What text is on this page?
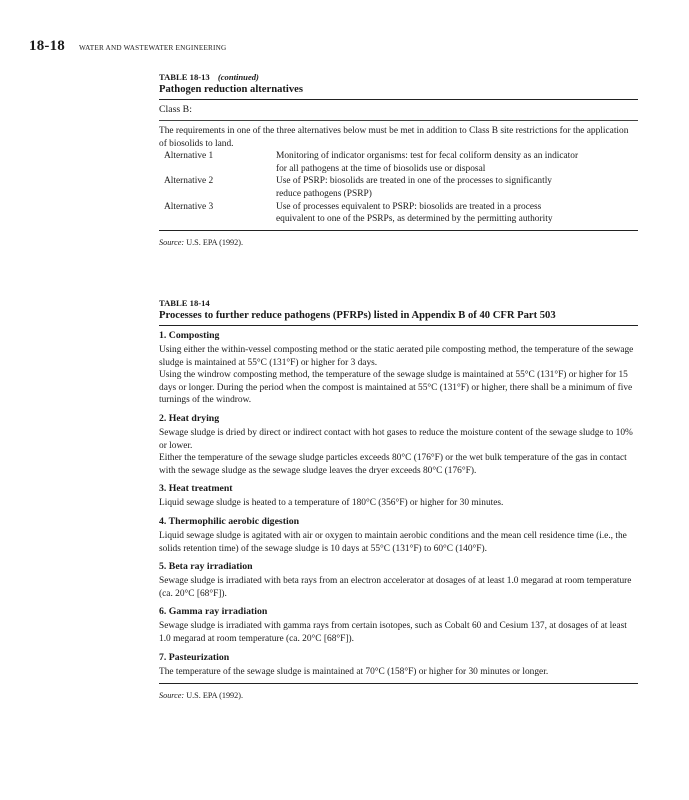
18-18 WATER AND WASTEWATER ENGINEERING
TABLE 18-13 (continued)
Pathogen reduction alternatives
Class B:
The requirements in one of the three alternatives below must be met in addition to Class B site restrictions for the application of biosolids to land.
Alternative 1	Monitoring of indicator organisms: test for fecal coliform density as an indicator
for all pathogens at the time of biosolids use or disposal
Alternative 2	Use of PSRP: biosolids are treated in one of the processes to significantly
reduce pathogens (PSRP)
Alternative 3	Use of processes equivalent to PSRP: biosolids are treated in a process
equivalent to one of the PSRPs, as determined by the permitting authority
Source: U.S. EPA (1992).
TABLE 18-14
Processes to further reduce pathogens (PFRPs) listed in Appendix B of 40 CFR Part 503
1. Composting

Using either the within-vessel composting method or the static aerated pile composting method, the temperature of the sewage sludge is maintained at 55°C (131°F) or higher for 3 days.

Using the windrow composting method, the temperature of the sewage sludge is maintained at 55°C (131°F) or higher for 15 days or longer. During the period when the compost is maintained at 55°C (131°F) or higher, there shall be a minimum of five turnings of the windrow.

2. Heat drying

Sewage sludge is dried by direct or indirect contact with hot gases to reduce the moisture content of the sewage sludge to 10% or lower.

Either the temperature of the sewage sludge particles exceeds 80°C (176°F) or the wet bulk temperature of the gas in contact with the sewage sludge as the sewage sludge leaves the dryer exceeds 80°C (176°F).

3. Heat treatment

Liquid sewage sludge is heated to a temperature of 180°C (356°F) or higher for 30 minutes.

4. Thermophilic aerobic digestion

Liquid sewage sludge is agitated with air or oxygen to maintain aerobic conditions and the mean cell residence time (i.e., the solids retention time) of the sewage sludge is 10 days at 55°C (131°F) to 60°C (140°F).

5. Beta ray irradiation

Sewage sludge is irradiated with beta rays from an electron accelerator at dosages of at least 1.0 megarad at room temperature (ca. 20°C [68°F]).

6. Gamma ray irradiation

Sewage sludge is irradiated with gamma rays from certain isotopes, such as Cobalt 60 and Cesium 137, at dosages of at least 1.0 megarad at room temperature (ca. 20°C [68°F]).

7. Pasteurization

The temperature of the sewage sludge is maintained at 70°C (158°F) or higher for 30 minutes or longer.

Source: U.S. EPA (1992).
